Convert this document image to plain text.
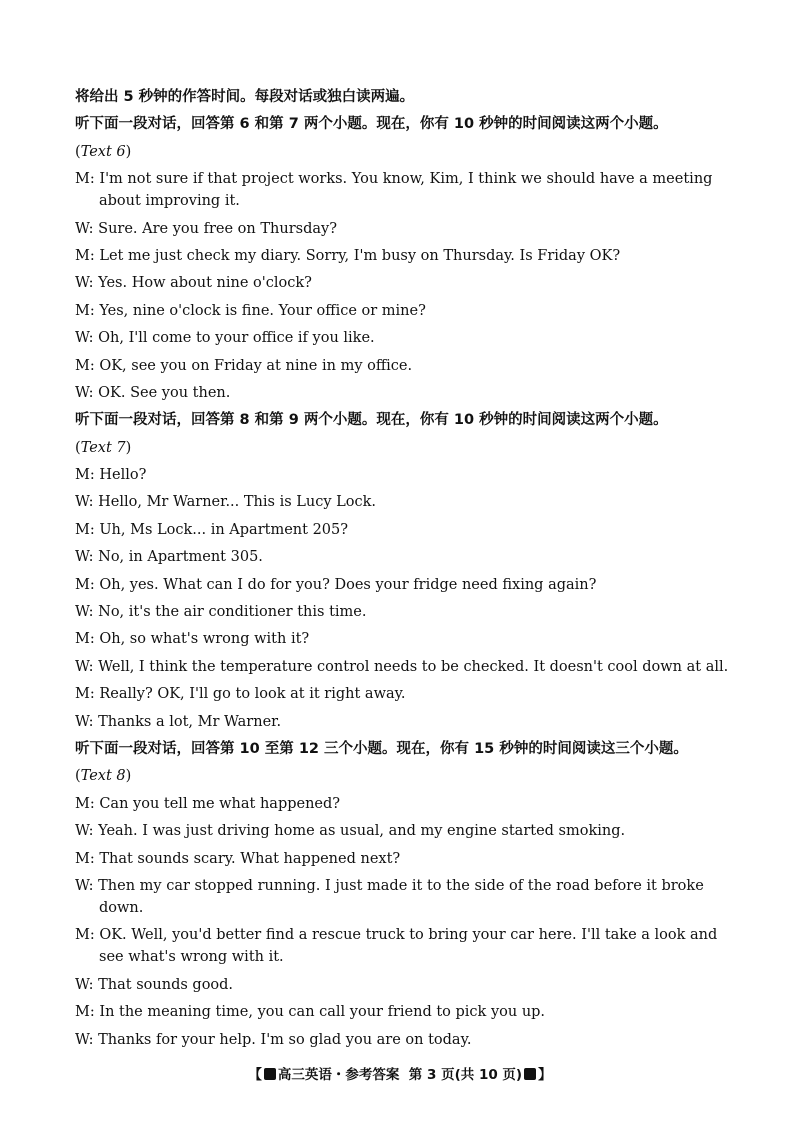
将给出 5 秒钟的作答时间。每段对话或独白读两遍。
听下面一段对话，回答第 6 和第 7 两个小题。现在，你有 10 秒钟的时间阅读这两个小题。
(Text 6)
M: I'm not sure if that project works. You know, Kim, I think we should have a meeting about improving it.
W: Sure. Are you free on Thursday?
M: Let me just check my diary. Sorry, I'm busy on Thursday. Is Friday OK?
W: Yes. How about nine o'clock?
M: Yes, nine o'clock is fine. Your office or mine?
W: Oh, I'll come to your office if you like.
M: OK, see you on Friday at nine in my office.
W: OK. See you then.
听下面一段对话，回答第 8 和第 9 两个小题。现在，你有 10 秒钟的时间阅读这两个小题。
(Text 7)
M: Hello?
W: Hello, Mr Warner... This is Lucy Lock.
M: Uh, Ms Lock... in Apartment 205?
W: No, in Apartment 305.
M: Oh, yes. What can I do for you? Does your fridge need fixing again?
W: No, it's the air conditioner this time.
M: Oh, so what's wrong with it?
W: Well, I think the temperature control needs to be checked. It doesn't cool down at all.
M: Really? OK, I'll go to look at it right away.
W: Thanks a lot, Mr Warner.
听下面一段对话，回答第 10 至第 12 三个小题。现在，你有 15 秒钟的时间阅读这三个小题。
(Text 8)
M: Can you tell me what happened?
W: Yeah. I was just driving home as usual, and my engine started smoking.
M: That sounds scary. What happened next?
W: Then my car stopped running. I just made it to the side of the road before it broke down.
M: OK. Well, you'd better find a rescue truck to bring your car here. I'll take a look and see what's wrong with it.
W: That sounds good.
M: In the meaning time, you can call your friend to pick you up.
W: Thanks for your help. I'm so glad you are on today.
【 高三英语・参考答案 第 3 页(共 10 页) 】
